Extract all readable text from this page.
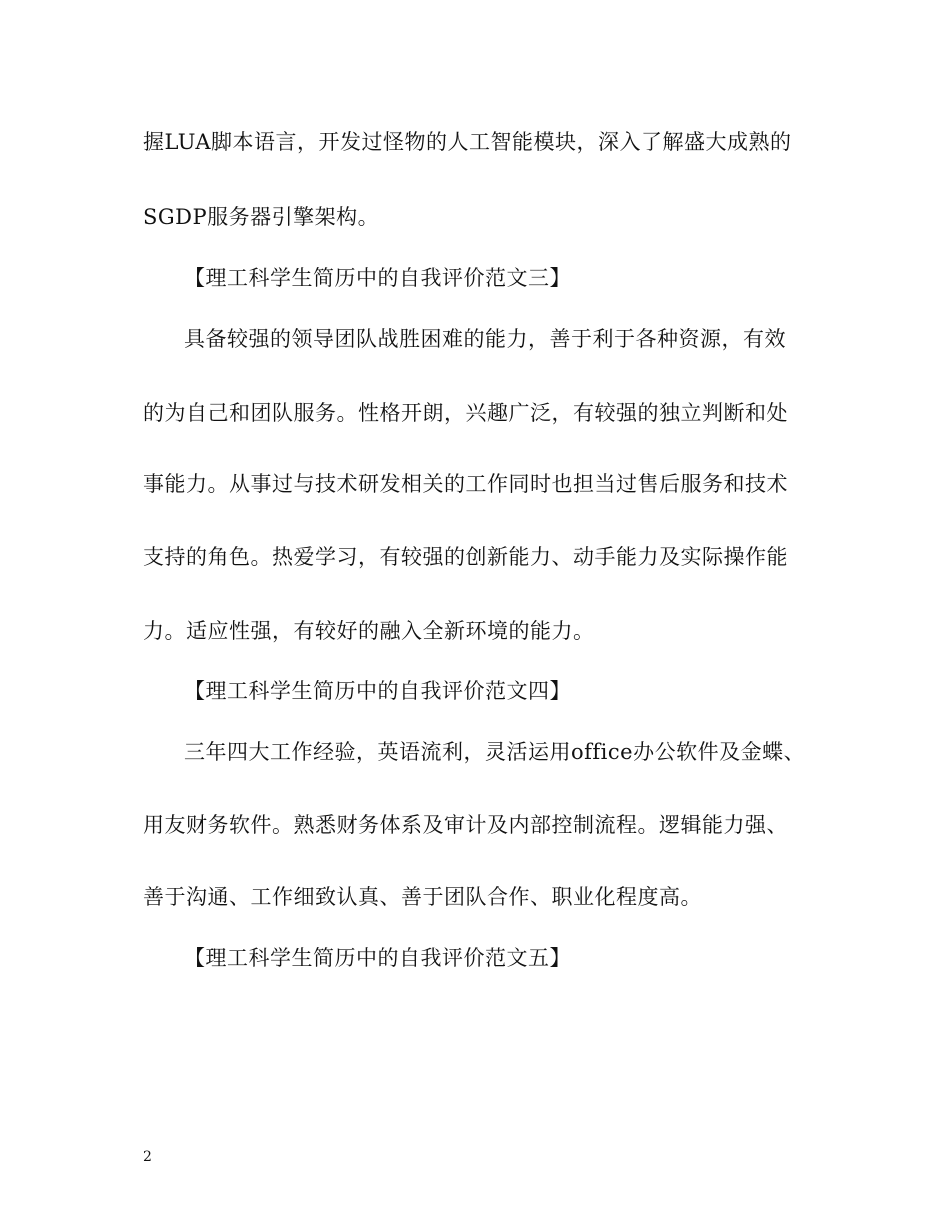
握LUA脚本语言，开发过怪物的人工智能模块，深入了解盛大成熟的
SGDP服务器引擎架构。
【理工科学生简历中的自我评价范文三】
具备较强的领导团队战胜困难的能力，善于利于各种资源，有效
的为自己和团队服务。性格开朗，兴趣广泛，有较强的独立判断和处
事能力。从事过与技术研发相关的工作同时也担当过售后服务和技术
支持的角色。热爱学习，有较强的创新能力、动手能力及实际操作能
力。适应性强，有较好的融入全新环境的能力。
【理工科学生简历中的自我评价范文四】
三年四大工作经验，英语流利，灵活运用office办公软件及金蝶、
用友财务软件。熟悉财务体系及审计及内部控制流程。逻辑能力强、
善于沟通、工作细致认真、善于团队合作、职业化程度高。
【理工科学生简历中的自我评价范文五】
2
